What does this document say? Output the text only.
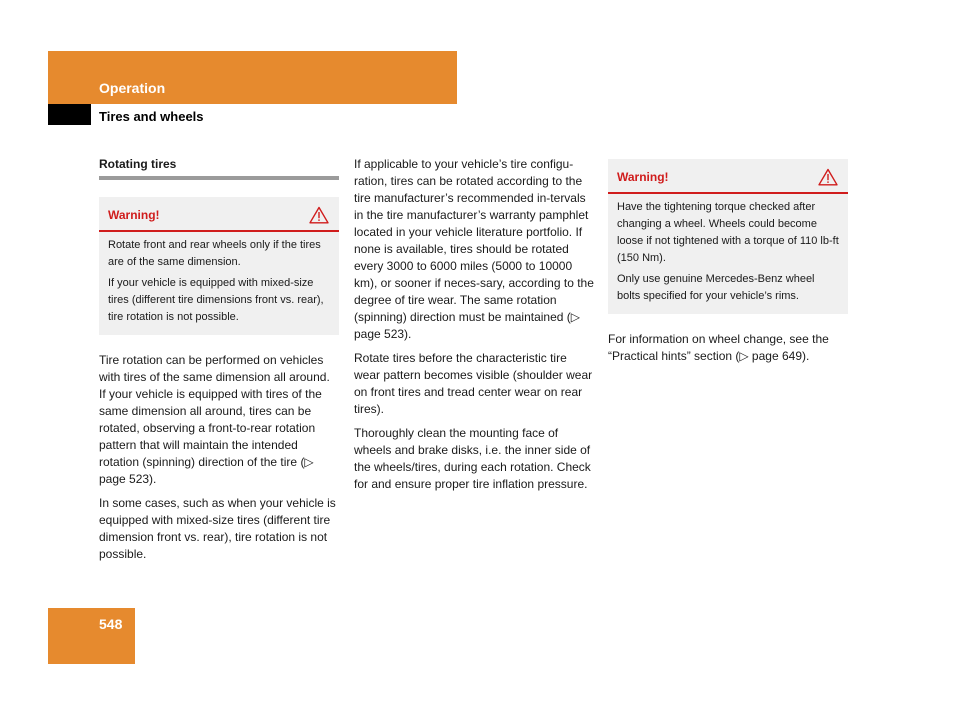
Operation
Tires and wheels
Rotating tires
Warning!

Rotate front and rear wheels only if the tires are of the same dimension.

If your vehicle is equipped with mixed-size tires (different tire dimensions front vs. rear), tire rotation is not possible.

Tire rotation can be performed on vehicles with tires of the same dimension all around. If your vehicle is equipped with tires of the same dimension all around, tires can be rotated, observing a front-to-rear rotation pattern that will maintain the intended rotation (spinning) direction of the tire (▷ page 523).

In some cases, such as when your vehicle is equipped with mixed-size tires (different tire dimension front vs. rear), tire rotation is not possible.

If applicable to your vehicle’s tire configu-ration, tires can be rotated according to the tire manufacturer’s recommended in-tervals in the tire manufacturer’s warranty pamphlet located in your vehicle literature portfolio. If none is available, tires should be rotated every 3000 to 6000 miles (5000 to 10000 km), or sooner if neces-sary, according to the degree of tire wear. The same rotation (spinning) direction must be maintained (▷ page 523).

Rotate tires before the characteristic tire wear pattern becomes visible (shoulder wear on front tires and tread center wear on rear tires).

Thoroughly clean the mounting face of wheels and brake disks, i.e. the inner side of the wheels/tires, during each rotation. Check for and ensure proper tire inflation pressure.

Warning!

Have the tightening torque checked after changing a wheel. Wheels could become loose if not tightened with a torque of 110 lb-ft (150 Nm).

Only use genuine Mercedes-Benz wheel bolts specified for your vehicle’s rims.

For information on wheel change, see the “Practical hints” section (▷ page 649).

548
